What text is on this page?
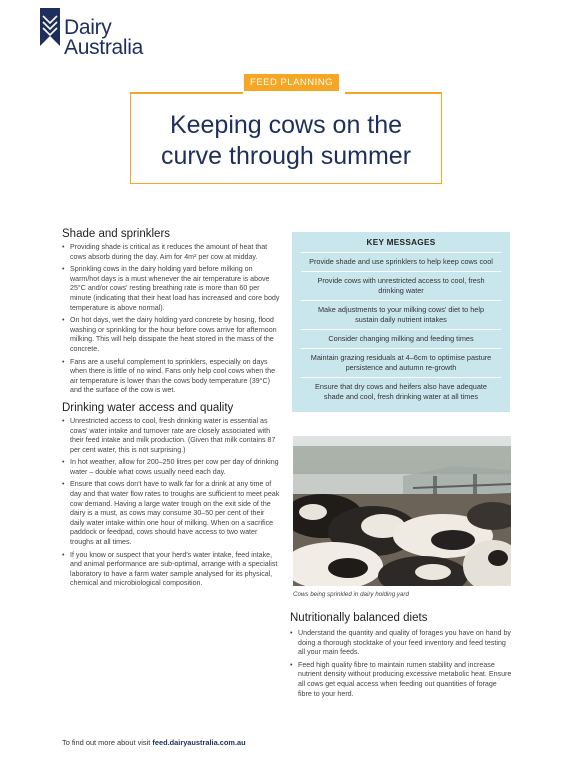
Dairy
Australia
FEED PLANNING
Keeping cows on the
curve through summer
Shade and sprinklers
• Providing shade is critical as it reduces the amount of heat that cows absorb during the day. Aim for 4m² per cow at midday.
• Sprinkling cows in the dairy holding yard before milking on warm/hot days is a must whenever the air temperature is above 25°C and/or cows' resting breathing rate is more than 60 per minute (indicating that their heat load has increased and core body temperature is above normal).
• On hot days, wet the dairy holding yard concrete by hosing, flood washing or sprinkling for the hour before cows arrive for afternoon milking. This will help dissipate the heat stored in the mass of the concrete.
• Fans are a useful complement to sprinklers, especially on days when there is little of no wind. Fans only help cool cows when the air temperature is lower than the cows body temperature (39°C) and the surface of the cow is wet.
Drinking water access and quality
• Unrestricted access to cool, fresh drinking water is essential as cows' water intake and turnover rate are closely associated with their feed intake and milk production. (Given that milk contains 87 per cent water, this is not surprising.)
• In hot weather, allow for 200–250 litres per cow per day of drinking water – double what cows usually need each day.
• Ensure that cows don't have to walk far for a drink at any time of day and that water flow rates to troughs are sufficient to meet peak cow demand. Having a large water trough on the exit side of the dairy is a must, as cows may consume 30–50 per cent of their daily water intake within one hour of milking. When on a sacrifice paddock or feedpad, cows should have access to two water troughs at all times.
• If you know or suspect that your herd's water intake, feed intake, and animal performance are sub-optimal, arrange with a specialist laboratory to have a farm water sample analysed for its physical, chemical and microbiological composition.
KEY MESSAGES
Provide shade and use sprinklers to help keep cows cool
Provide cows with unrestricted access to cool, fresh drinking water
Make adjustments to your milking cows' diet to help sustain daily nutrient intakes
Consider changing milking and feeding times
Maintain grazing residuals at 4–6cm to optimise pasture persistence and autumn re-growth
Ensure that dry cows and heifers also have adequate shade and cool, fresh drinking water at all times
Cows being sprinkled in dairy holding yard
Nutritionally balanced diets
• Understand the quantity and quality of forages you have on hand by doing a thorough stocktake of your feed inventory and feed testing all your main feeds.
• Feed high quality fibre to maintain rumen stability and increase nutrient density without producing excessive metabolic heat. Ensure all cows get equal access when feeding out quantities of forage fibre to your herd.
To find out more about visit feed.dairyaustralia.com.au
